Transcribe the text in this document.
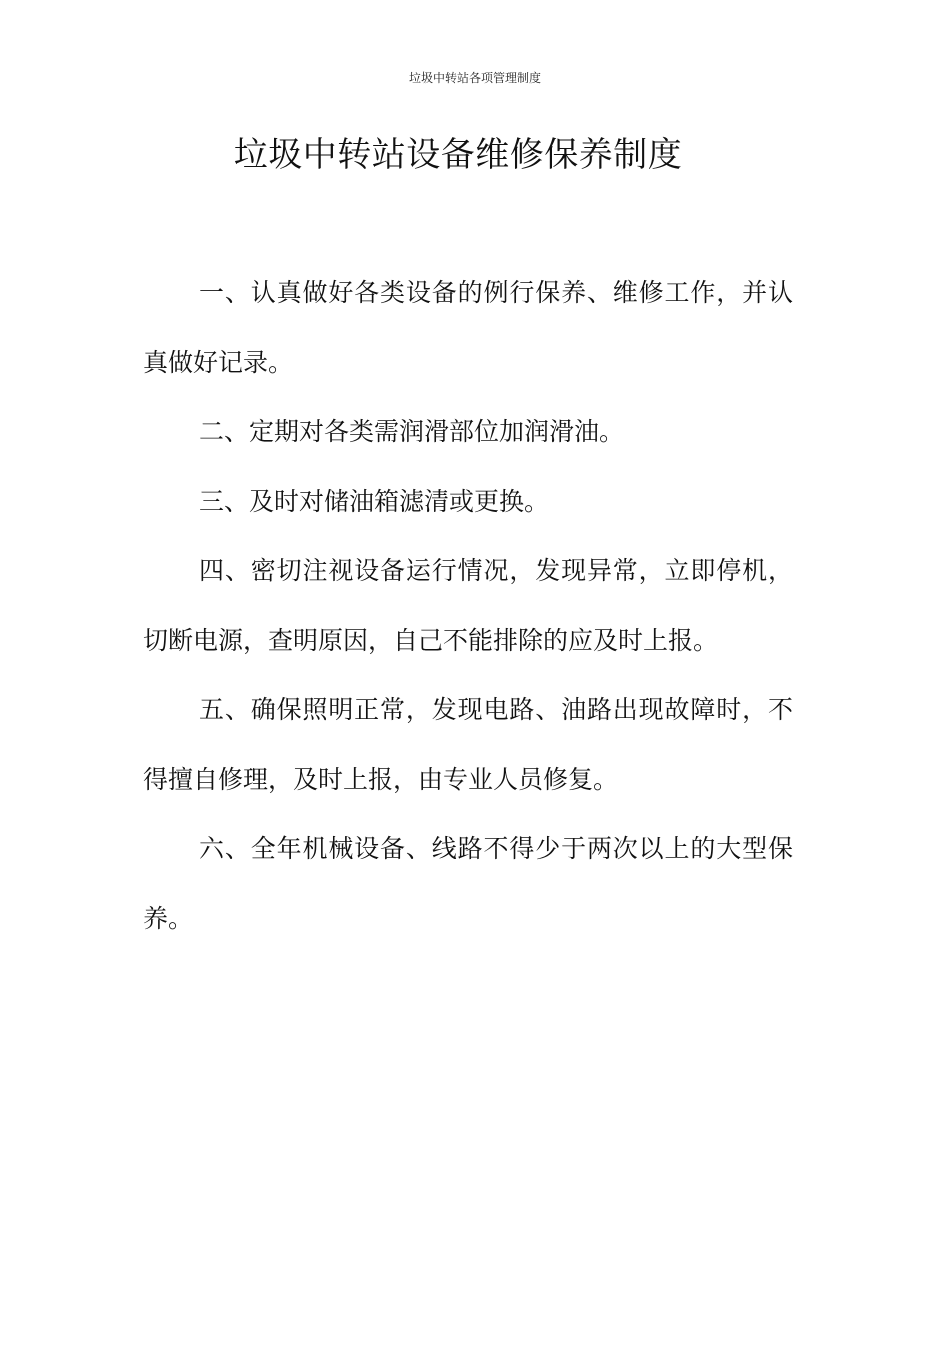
垃圾中转站各项管理制度
垃圾中转站设备维修保养制度

一、认真做好各类设备的例行保养、维修工作，并认真做好记录。

二、定期对各类需润滑部位加润滑油。

三、及时对储油箱滤清或更换。

四、密切注视设备运行情况，发现异常，立即停机，切断电源，查明原因，自己不能排除的应及时上报。

五、确保照明正常，发现电路、油路出现故障时，不得擅自修理，及时上报，由专业人员修复。

六、全年机械设备、线路不得少于两次以上的大型保养。
